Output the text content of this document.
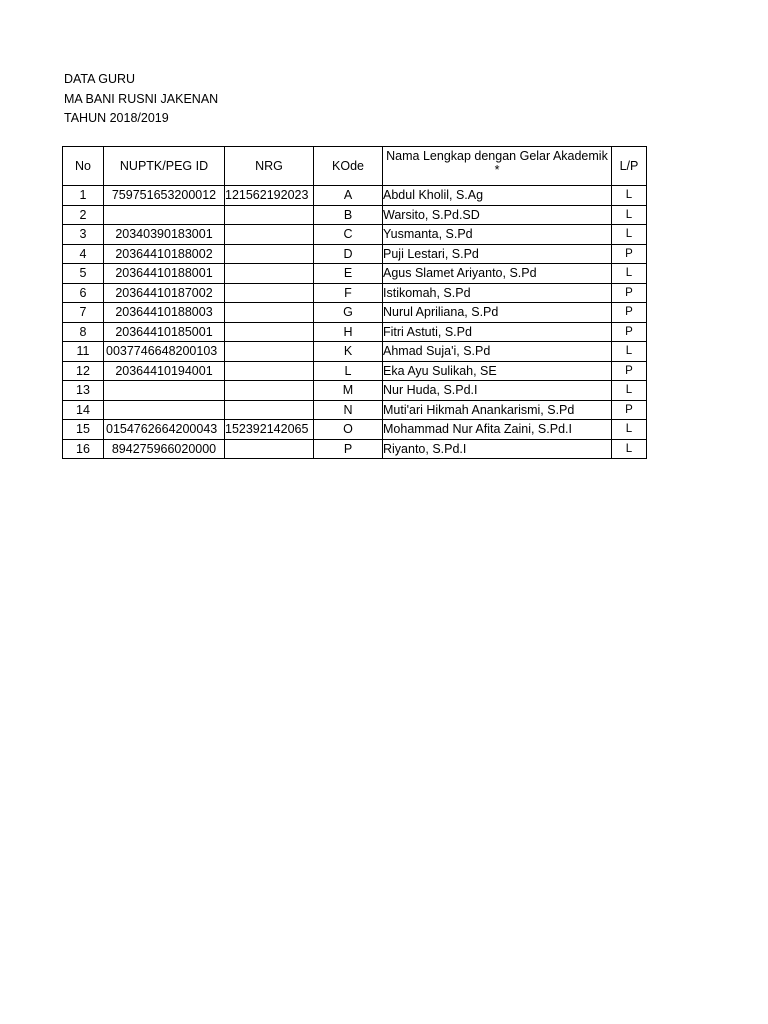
DATA GURU
MA BANI RUSNI JAKENAN
TAHUN 2018/2019
No	NUPTK/PEG ID	NRG	KOde	Nama Lengkap dengan Gelar Akademik *	L/P
1	759751653200012	121562192023	A	Abdul Kholil, S.Ag	L
2			B	Warsito, S.Pd.SD	L
3	20340390183001		C	Yusmanta, S.Pd	L
4	20364410188002		D	Puji Lestari, S.Pd	P
5	20364410188001		E	Agus Slamet Ariyanto, S.Pd	L
6	20364410187002		F	Istikomah, S.Pd	P
7	20364410188003		G	Nurul Apriliana, S.Pd	P
8	20364410185001		H	Fitri Astuti, S.Pd	P
11	0037746648200103		K	Ahmad Suja'i, S.Pd	L
12	20364410194001		L	Eka Ayu Sulikah, SE	P
13			M	Nur Huda, S.Pd.I	L
14			N	Muti'ari Hikmah Anankarismi, S.Pd	P
15	0154762664200043	152392142065	O	Mohammad Nur Afita Zaini, S.Pd.I	L
16	894275966020000		P	Riyanto, S.Pd.I	L
